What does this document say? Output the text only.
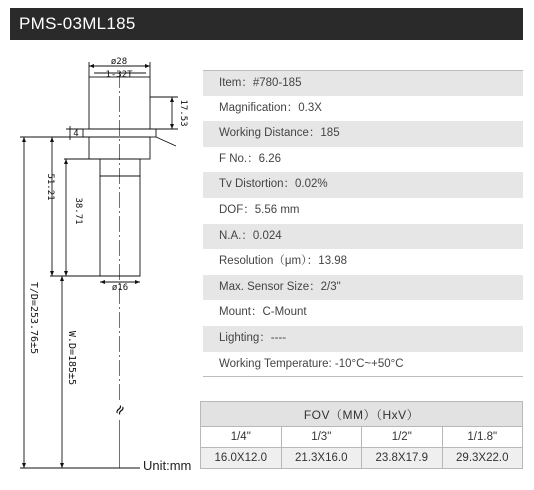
PMS-03ML185
ø28
1-32T
17.53
4
51.21
38.71
ø16
T/D=253.76±5
W.D=185±5
≈
Unit:mm
Item：#780-185
Magnification：0.3X
Working Distance：185
F No.：6.26
Tv Distortion：0.02%
DOF：5.56 mm
N.A.：0.024
Resolution（μm）：13.98
Max. Sensor Size：2/3"
Mount：C-Mount
Lighting：----
Working Temperature: -10°C~+50°C
FOV（MM）（HxV）			
1/4"	1/3"	1/2"	1/1.8"
16.0X12.0	21.3X16.0	23.8X17.9	29.3X22.0
